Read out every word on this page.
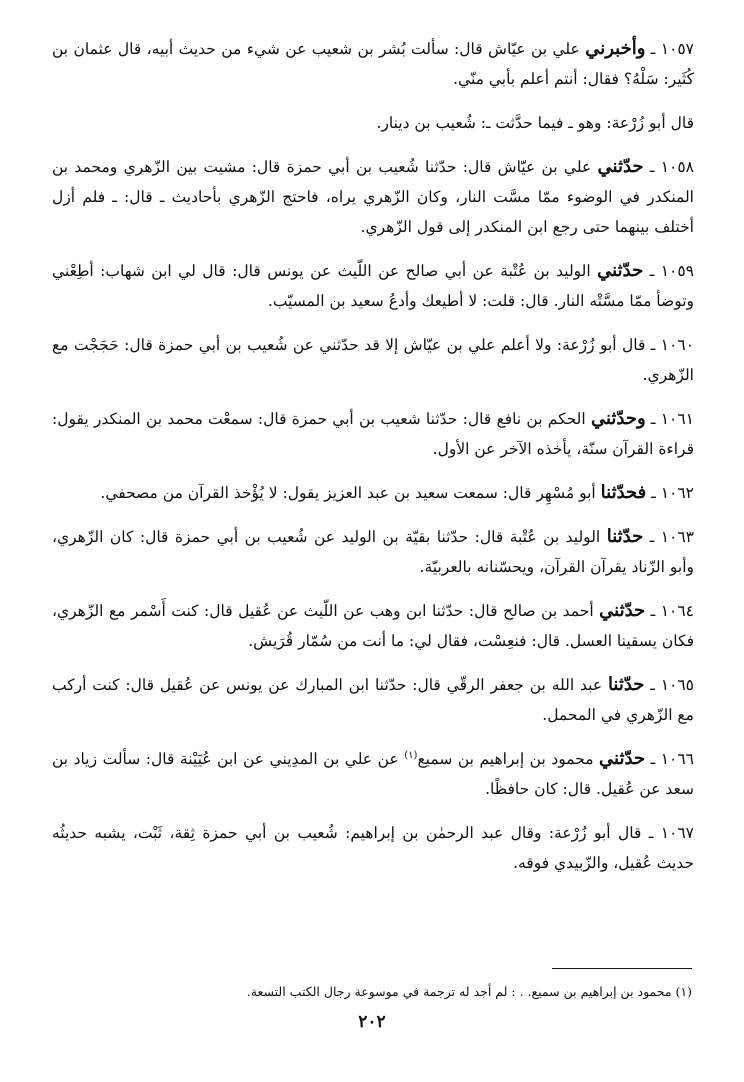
١٠٥٧ ـ وأخبرني علي بن عيّاش قال: سألت بُشر بن شعيب عن شيء من حديث أبيه، قال عثمان بن كُثَير: سَلْهُ؟ فقال: أنتم أعلم بأبي منّي.

قال أبو زُرْعة: وهو ـ فيما حدَّثت ـ: شُعيب بن دينار.

١٠٥٨ ـ حدّثني علي بن عيّاش قال: حدّثنا شُعيب بن أبي حمزة قال: مشيت بين الزّهري ومحمد بن المنكدر في الوضوء ممّا مسَّت النار، وكان الزّهري يراه، فاحتج الزّهري بأحاديث ـ قال: ـ فلم أزل أختلف بينهما حتى رجع ابن المنكدر إلى قول الزّهري.

١٠٥٩ ـ حدّثني الوليد بن عُتْبة عن أبي صالح عن اللّيث عن يونس قال: قال لي ابن شهاب: أطِعْني وتوضأ ممّا مسَّتْه النار. قال: قلت: لا أطيعك وأدعُ سعيد بن المسيّب.

١٠٦٠ ـ قال أبو زُرْعة: ولا أعلم علي بن عيّاش إلا قد حدّثني عن شُعيب بن أبي حمزة قال: حَجَجْت مع الزّهري.

١٠٦١ ـ وحدّثني الحكم بن نافع قال: حدّثنا شعيب بن أبي حمزة قال: سمعْت محمد بن المنكدر يقول: قراءة القرآن سنّة، يأخذه الآخر عن الأول.

١٠٦٢ ـ فحدّثنا أبو مُسْهِر قال: سمعت سعيد بن عبد العزيز يقول: لا يُؤْخذ القرآن من مصحفي.

١٠٦٣ ـ حدّثنا الوليد بن عُتْبة قال: حدّثنا بقيّة بن الوليد عن شُعيب بن أبي حمزة قال: كان الزّهري، وأبو الزّناد يقرآن القرآن، ويحسّنانه بالعربيّة.

١٠٦٤ ـ حدّثني أحمد بن صالح قال: حدّثنا ابن وهب عن اللّيث عن عُقيل قال: كنت أَسْمر مع الزّهري، فكان يسقينا العسل. قال: فنعِسْت، فقال لي: ما أنت من سُمّار قُرَيش.

١٠٦٥ ـ حدّثنا عبد الله بن جعفر الرقّي قال: حدّثنا ابن المبارك عن يونس عن عُقيل قال: كنت أركب مع الزّهري في المحمل.

١٠٦٦ ـ حدّثني محمود بن إبراهيم بن سميع$^{(١)}$ عن علي بن المدِيني عن ابن عُيَيْنة قال: سألت زياد بن سعد عن عُقيل. قال: كان حافظًا.

١٠٦٧ ـ قال أبو زُرْعة: وقال عبد الرحمٰن بن إبراهيم: شُعيب بن أبي حمزة ثِقة، ثَبْت، يشبه حديثُه حديث عُقيل، والزّبيدي فوقه.

(١) محمود بن إبراهيم بن سميع. . : لم أجد له ترجمة في موسوعة رجال الكتب التسعة.
٢٠٢
